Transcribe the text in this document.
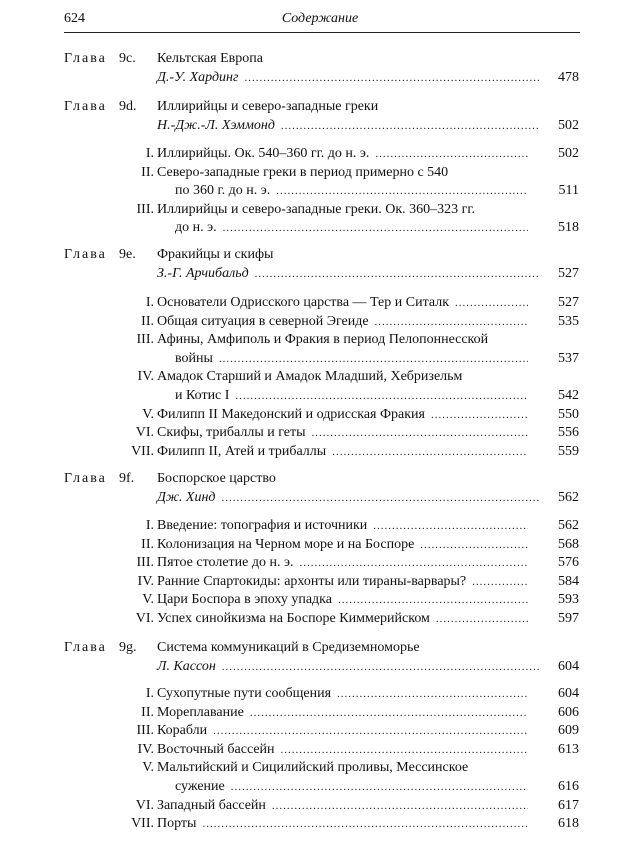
624	Содержание
Глава 9c. Кельтская Европа
Д.-У. Хардинг .....	478
Глава 9d. Иллирийцы и северо-западные греки
Н.-Дж.-Л. Хэммонд .....	502
I. Иллирийцы. Ок. 540–360 гг. до н. э. .....	502
II. Северо-западные греки в период примерно с 540
по 360 г. до н. э. .....	511
III. Иллирийцы и северо-западные греки. Ок. 360–323 гг.
до н. э. .....	518
Глава 9e. Фракийцы и скифы
З.-Г. Арчибальд .....	527
I. Основатели Одрисского царства — Тер и Ситалк .....	527
II. Общая ситуация в северной Эгеиде .....	535
III. Афины, Амфиполь и Фракия в период Пелопоннесской
войны .....	537
IV. Амадок Старший и Амадок Младший, Хебризельм
и Котис I .....	542
V. Филипп II Македонский и одрисская Фракия .....	550
VI. Скифы, трибаллы и геты .....	556
VII. Филипп II, Атей и трибаллы .....	559
Глава 9f. Боспорское царство
Дж. Хинд .....	562
I. Введение: топография и источники .....	562
II. Колонизация на Черном море и на Боспоре .....	568
III. Пятое столетие до н. э. .....	576
IV. Ранние Спартокиды: архонты или тираны-варвары? .....	584
V. Цари Боспора в эпоху упадка .....	593
VI. Успех синойкизма на Боспоре Киммерийском .....	597
Глава 9g. Система коммуникаций в Средиземноморье
Л. Кассон .....	604
I. Сухопутные пути сообщения .....	604
II. Мореплавание .....	606
III. Корабли .....	609
IV. Восточный бассейн .....	613
V. Мальтийский и Сицилийский проливы, Мессинское
сужение .....	616
VI. Западный бассейн .....	617
VII. Порты .....	618
